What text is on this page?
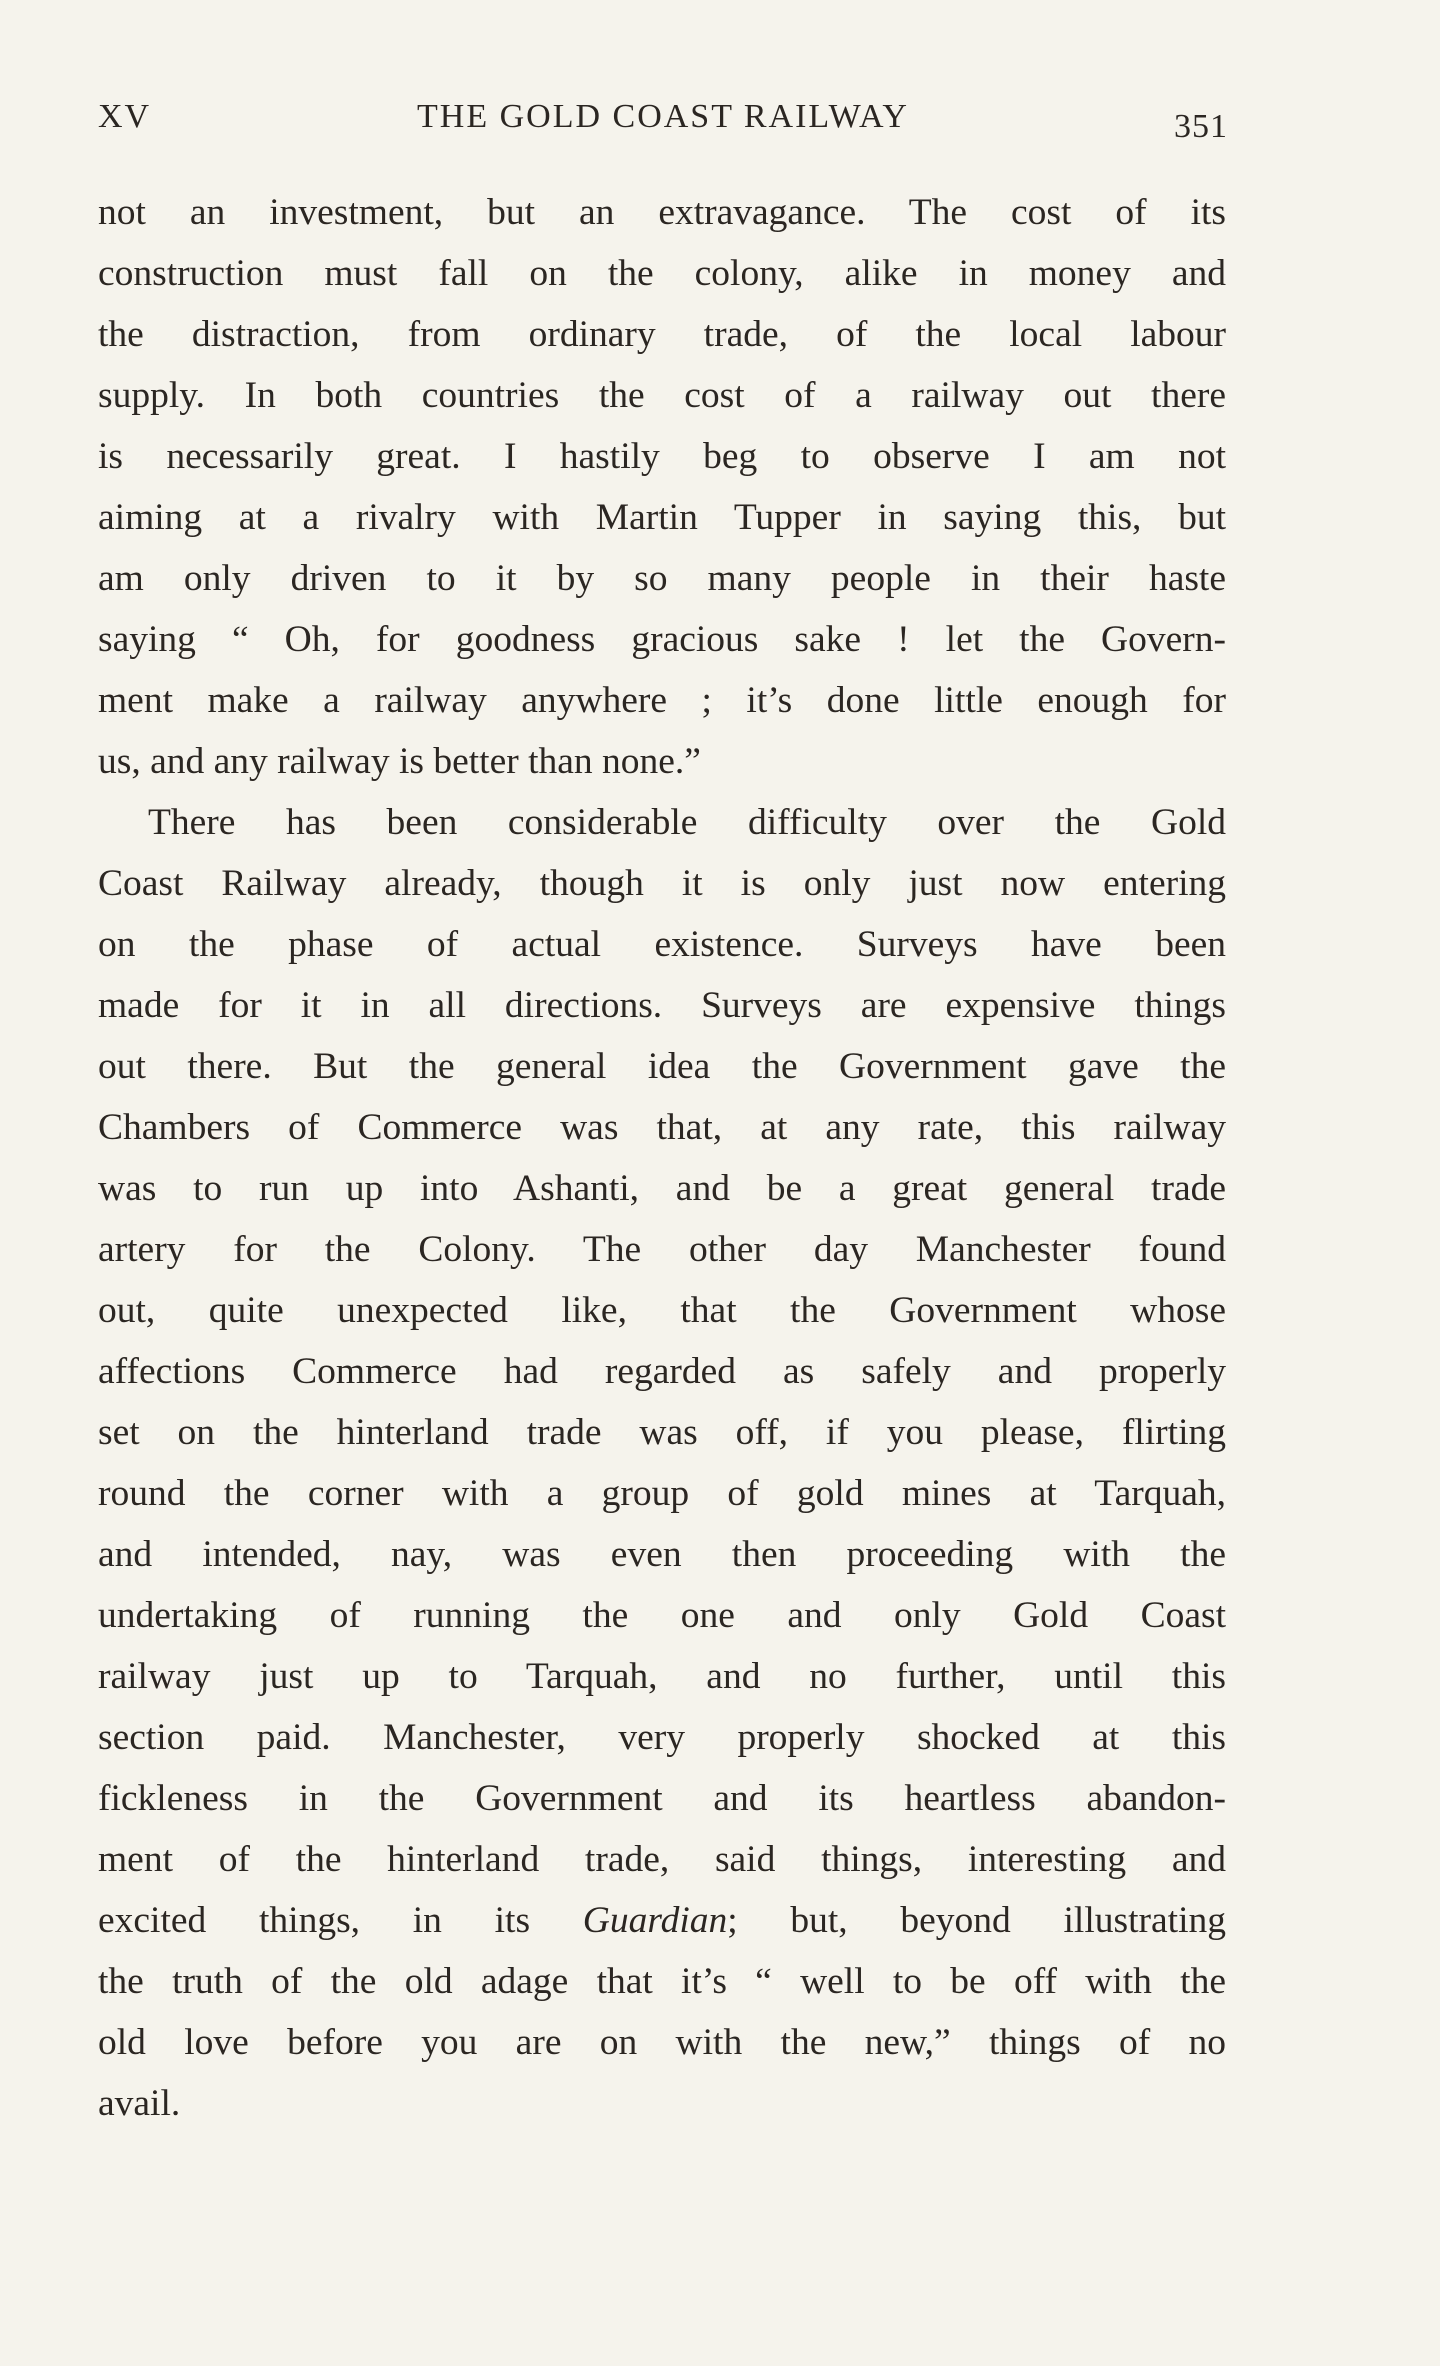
XV	THE GOLD COAST RAILWAY	351
not an investment, but an extravagance. The cost of its
construction must fall on the colony, alike in money and
the distraction, from ordinary trade, of the local labour
supply. In both countries the cost of a railway out there
is necessarily great. I hastily beg to observe I am not
aiming at a rivalry with Martin Tupper in saying this, but
am only driven to it by so many people in their haste
saying “ Oh, for goodness gracious sake ! let the Govern-
ment make a railway anywhere ; it’s done little enough for
us, and any railway is better than none.”
There has been considerable difficulty over the Gold
Coast Railway already, though it is only just now entering
on the phase of actual existence. Surveys have been
made for it in all directions. Surveys are expensive things
out there. But the general idea the Government gave the
Chambers of Commerce was that, at any rate, this railway
was to run up into Ashanti, and be a great general trade
artery for the Colony. The other day Manchester found
out, quite unexpected like, that the Government whose
affections Commerce had regarded as safely and properly
set on the hinterland trade was off, if you please, flirting
round the corner with a group of gold mines at Tarquah,
and intended, nay, was even then proceeding with the
undertaking of running the one and only Gold Coast
railway just up to Tarquah, and no further, until this
section paid. Manchester, very properly shocked at this
fickleness in the Government and its heartless abandon-
ment of the hinterland trade, said things, interesting and
excited things, in its Guardian; but, beyond illustrating
the truth of the old adage that it’s “ well to be off with the
old love before you are on with the new,” things of no
avail.
